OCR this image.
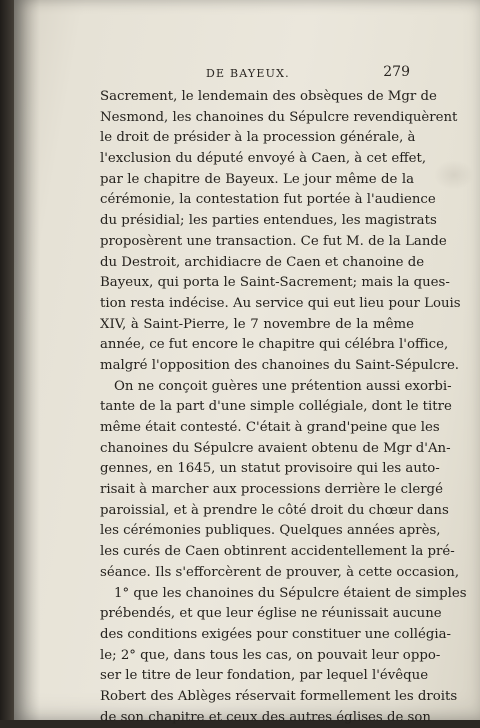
DE BAYEUX.	279
Sacrement, le lendemain des obsèques de Mgr de
Nesmond, les chanoines du Sépulcre revendiquèrent
le droit de présider à la procession générale, à
l'exclusion du député envoyé à Caen, à cet effet,
par le chapitre de Bayeux. Le jour même de la
cérémonie, la contestation fut portée à l'audience
du présidial; les parties entendues, les magistrats
proposèrent une transaction. Ce fut M. de la Lande
du Destroit, archidiacre de Caen et chanoine de
Bayeux, qui porta le Saint-Sacrement; mais la ques-
tion resta indécise. Au service qui eut lieu pour Louis
XIV, à Saint-Pierre, le 7 novembre de la même
année, ce fut encore le chapitre qui célébra l'office,
malgré l'opposition des chanoines du Saint-Sépulcre.
On ne conçoit guères une prétention aussi exorbi-
tante de la part d'une simple collégiale, dont le titre
même était contesté. C'était à grand'peine que les
chanoines du Sépulcre avaient obtenu de Mgr d'An-
gennes, en 1645, un statut provisoire qui les auto-
risait à marcher aux processions derrière le clergé
paroissial, et à prendre le côté droit du chœur dans
les cérémonies publiques. Quelques années après,
les curés de Caen obtinrent accidentellement la pré-
séance. Ils s'efforcèrent de prouver, à cette occasion,
1° que les chanoines du Sépulcre étaient de simples
prébendés, et que leur église ne réunissait aucune
des conditions exigées pour constituer une collégia-
le; 2° que, dans tous les cas, on pouvait leur oppo-
ser le titre de leur fondation, par lequel l'évêque
Robert des Ablèges réservait formellement les droits
de son chapitre et ceux des autres églises de son
